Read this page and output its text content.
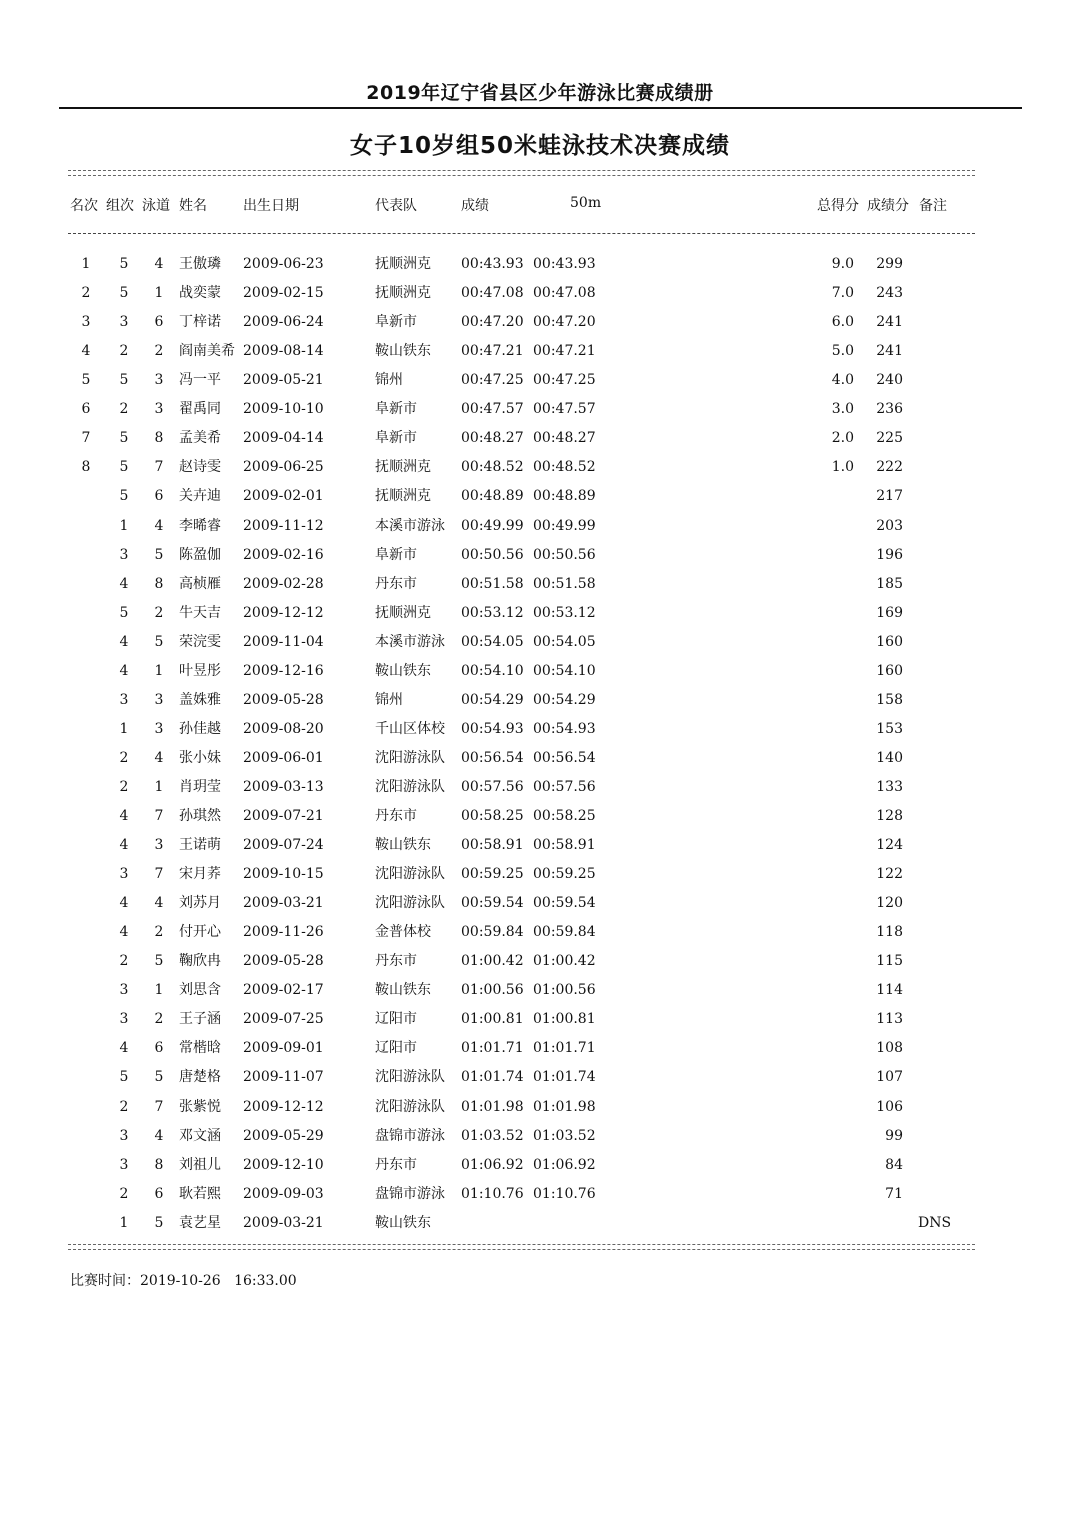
2019年辽宁省县区少年游泳比赛成绩册
女子10岁组50米蛙泳技术决赛成绩
名次 组次 泳道 姓名	出生日期	代表队	成绩	50m	总得分 成绩分 备注
1 5 4 王傲璘 2009-06-23	抚顺洲克 00:43.93 00:43.93	9.0	299
2 5 1 战奕蒙 2009-02-15	抚顺洲克 00:47.08 00:47.08	7.0	243
3 3 6 丁梓诺 2009-06-24	阜新市	00:47.20 00:47.20	6.0	241
4 2 2 阎南美希 2009-08-14	鞍山铁东 00:47.21 00:47.21	5.0	241
5 5 3 冯一平 2009-05-21	锦州	00:47.25 00:47.25	4.0	240
6 2 3 翟禹同 2009-10-10	阜新市	00:47.57 00:47.57	3.0	236
7 5 8 孟美希 2009-04-14	阜新市	00:48.27 00:48.27	2.0	225
8 5 7 赵诗雯 2009-06-25	抚顺洲克 00:48.52 00:48.52	1.0	222
5 6 关卉迪 2009-02-01	抚顺洲克 00:48.89 00:48.89	217
1 4 李晞睿 2009-11-12	本溪市游泳 00:49.99 00:49.99	203
3 5 陈盈伽 2009-02-16	阜新市	00:50.56 00:50.56	196
4 8 高桢雁 2009-02-28	丹东市	00:51.58 00:51.58	185
5 2 牛天吉 2009-12-12	抚顺洲克 00:53.12 00:53.12	169
4 5 荣浣雯 2009-11-04	本溪市游泳 00:54.05 00:54.05	160
4 1 叶昱彤 2009-12-16	鞍山铁东 00:54.10 00:54.10	160
3 3 盖姝雅 2009-05-28	锦州	00:54.29 00:54.29	158
1 3 孙佳越 2009-08-20	千山区体校 00:54.93 00:54.93	153
2 4 张小妹 2009-06-01	沈阳游泳队 00:56.54 00:56.54	140
2 1 肖玥莹 2009-03-13	沈阳游泳队 00:57.56 00:57.56	133
4 7 孙琪然 2009-07-21	丹东市	00:58.25 00:58.25	128
4 3 王诺萌 2009-07-24	鞍山铁东 00:58.91 00:58.91	124
3 7 宋月荞 2009-10-15	沈阳游泳队 00:59.25 00:59.25	122
4 4 刘苏月 2009-03-21	沈阳游泳队 00:59.54 00:59.54	120
4 2 付开心 2009-11-26	金普体校 00:59.84 00:59.84	118
2 5 鞠欣冉 2009-05-28	丹东市	01:00.42 01:00.42	115
3 1 刘思含 2009-02-17	鞍山铁东 01:00.56 01:00.56	114
3 2 王子涵 2009-07-25	辽阳市	01:00.81 01:00.81	113
4 6 常楷晗 2009-09-01	辽阳市	01:01.71 01:01.71	108
5 5 唐楚格 2009-11-07	沈阳游泳队 01:01.74 01:01.74	107
2 7 张紫悦 2009-12-12	沈阳游泳队 01:01.98 01:01.98	106
3 4 邓文涵 2009-05-29	盘锦市游泳 01:03.52 01:03.52	99
3 8 刘祖儿 2009-12-10	丹东市	01:06.92 01:06.92	84
2 6 耿若熙 2009-09-03	盘锦市游泳 01:10.76 01:10.76	71
1 5 袁艺星 2009-03-21	鞍山铁东	DNS
比赛时间：2019-10-26   16:33.00
